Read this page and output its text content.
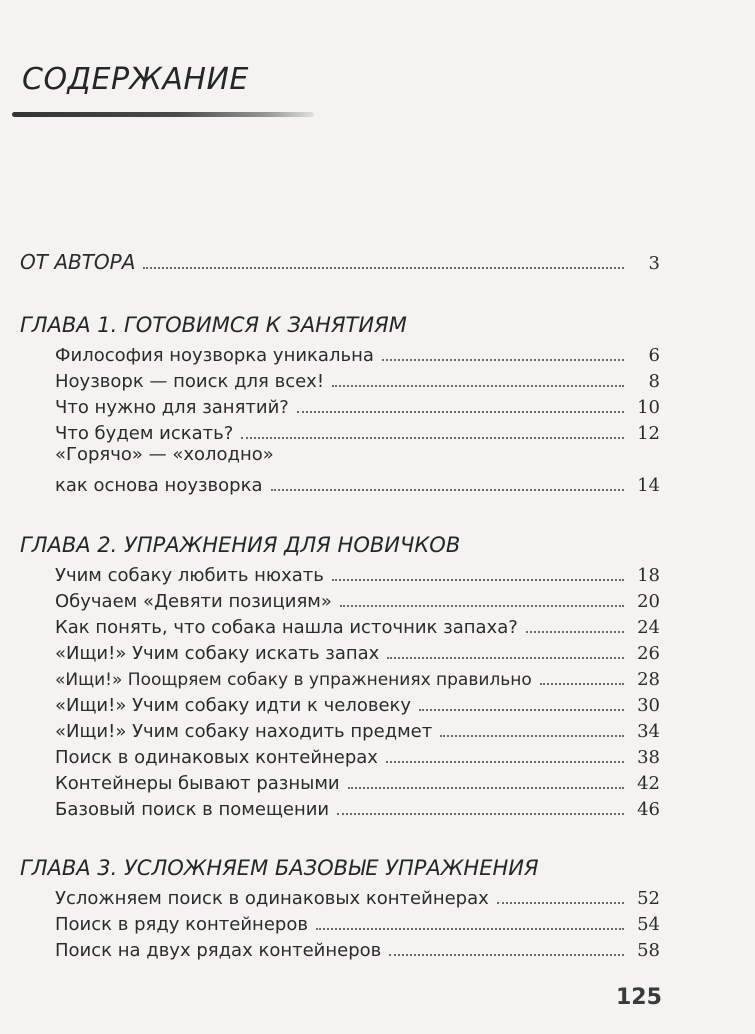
СОДЕРЖАНИЕ
ОТ АВТОРА	3
ГЛАВА 1. ГОТОВИМСЯ К ЗАНЯТИЯМ
Философия ноузворка уникальна	6
Ноузворк — поиск для всех!	8
Что нужно для занятий?	10
Что будем искать?	12
«Горячо» — «холодно»
как основа ноузворка	14
ГЛАВА 2. УПРАЖНЕНИЯ ДЛЯ НОВИЧКОВ
Учим собаку любить нюхать	18
Обучаем «Девяти позициям»	20
Как понять, что собака нашла источник запаха?	24
«Ищи!» Учим собаку искать запах	26
«Ищи!» Поощряем собаку в упражнениях правильно	28
«Ищи!» Учим собаку идти к человеку	30
«Ищи!» Учим собаку находить предмет	34
Поиск в одинаковых контейнерах	38
Контейнеры бывают разными	42
Базовый поиск в помещении	46
ГЛАВА 3. УСЛОЖНЯЕМ БАЗОВЫЕ УПРАЖНЕНИЯ
Усложняем поиск в одинаковых контейнерах	52
Поиск в ряду контейнеров	54
Поиск на двух рядах контейнеров	58
125
